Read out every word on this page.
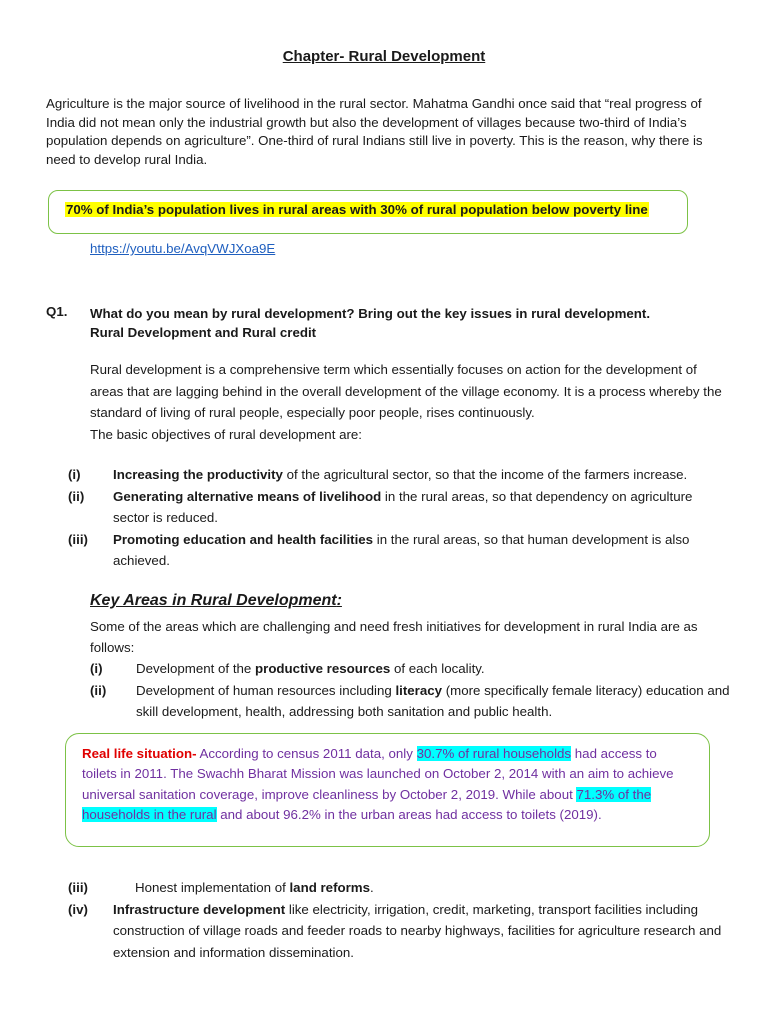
Chapter- Rural Development
Agriculture is the major source of livelihood in the rural sector. Mahatma Gandhi once said that “real progress of India did not mean only the industrial growth but also the development of villages because two-third of India’s population depends on agriculture”. One-third of rural Indians still live in poverty. This is the reason, why there is need to develop rural India.
70% of India’s population lives in rural areas with 30% of rural population below poverty line
https://youtu.be/AvqVWJXoa9E
Q1. What do you mean by rural development? Bring out the key issues in rural development.
Rural Development and Rural credit
Rural development is a comprehensive term which essentially focuses on action for the development of areas that are lagging behind in the overall development of the village economy. It is a process whereby the standard of living of rural people, especially poor people, rises continuously.
The basic objectives of rural development are:
(i) Increasing the productivity of the agricultural sector, so that the income of the farmers increase.
(ii) Generating alternative means of livelihood in the rural areas, so that dependency on agriculture sector is reduced.
(iii) Promoting education and health facilities in the rural areas, so that human development is also achieved.
Key Areas in Rural Development:
Some of the areas which are challenging and need fresh initiatives for development in rural India are as follows:
(i)	Development of the productive resources of each locality.
(ii) Development of human resources including literacy (more specifically female literacy) education and skill development, health, addressing both sanitation and public health.
Real life situation- According to census 2011 data, only 30.7% of rural households had access to toilets in 2011. The Swachh Bharat Mission was launched on October 2, 2014 with an aim to achieve universal sanitation coverage, improve cleanliness by October 2, 2019. While about 71.3% of the households in the rural and about 96.2% in the urban areas had access to toilets (2019).
(iii)	Honest implementation of land reforms.
(iv) Infrastructure development like electricity, irrigation, credit, marketing, transport facilities including construction of village roads and feeder roads to nearby highways, facilities for agriculture research and extension and information dissemination.
